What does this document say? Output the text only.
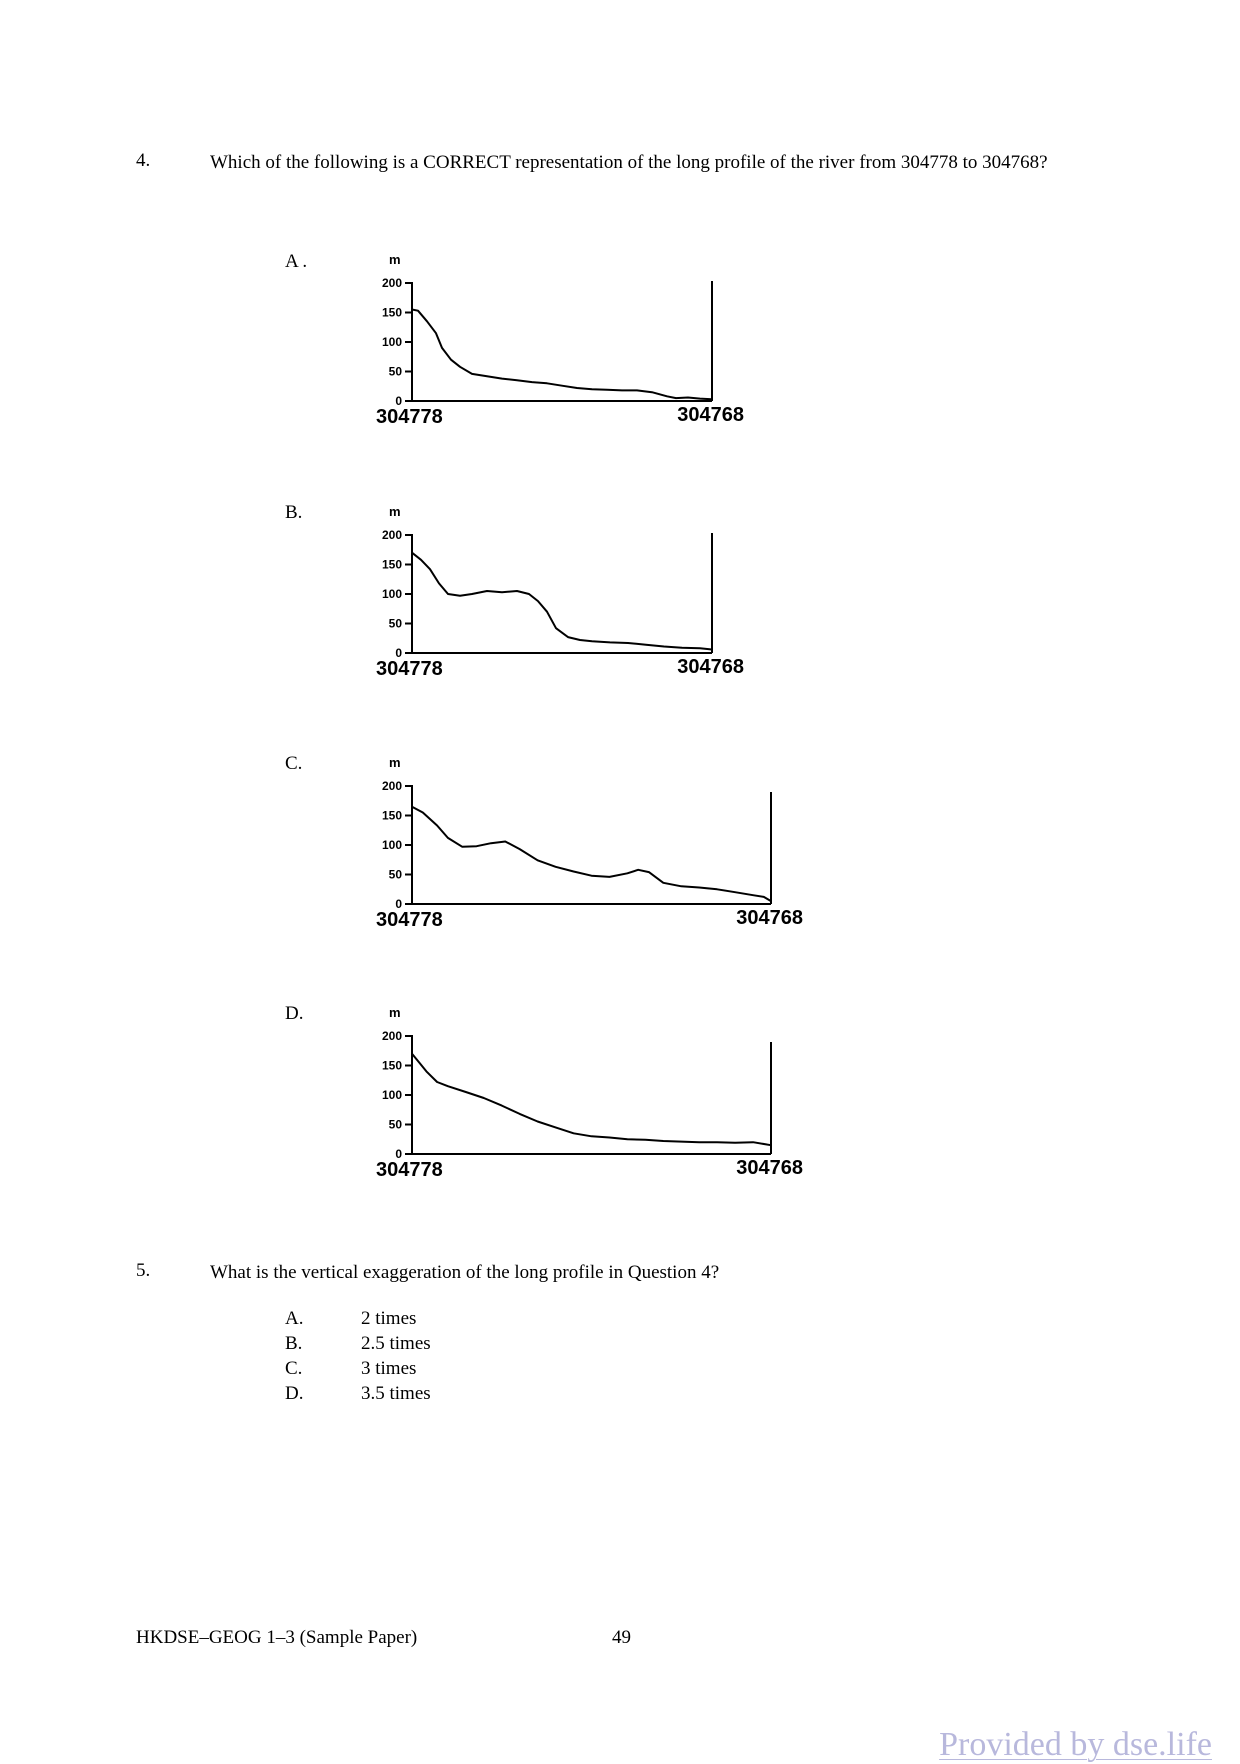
4.	Which of the following is a CORRECT representation of the long profile of the river from 304778 to 304768?
A .	m
0
50
100
150
200
304778	304768
B.	m
0
50
100
150
200
304778	304768
C.	m
0
50
100
150
200
304778	304768
D.	m
0
50
100
150
200
304778	304768
5.	What is the vertical exaggeration of the long profile in Question 4?
A.	2 times
B.	2.5 times
C.	3 times
D.	3.5 times
HKDSE–GEOG 1–3 (Sample Paper)	49
Provided by dse.life
